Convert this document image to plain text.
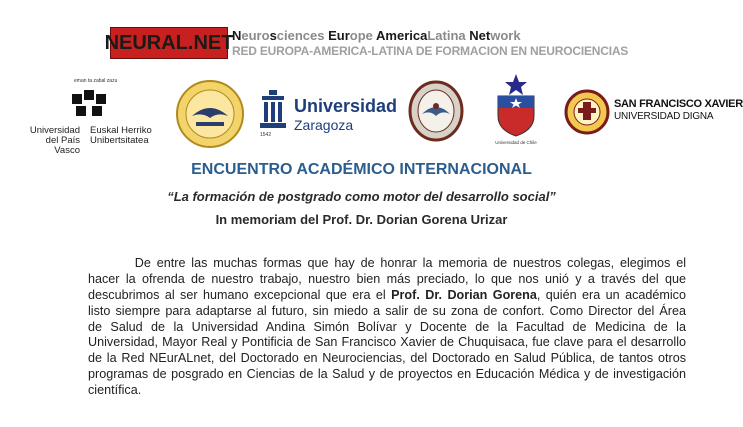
NEURAL.NET
Neurosciences Europe AmericaLatina Network
RED EUROPA-AMERICA-LATINA DE FORMACION EN NEUROCIENCIAS
eman ta zabal zazu
Universidad del País Vasco
Euskal Herriko
Unibertsitatea	1542
Universidad
Zaragoza
Universidad de Chile
SAN FRANCISCO XAVIER
UNIVERSIDAD DIGNA
ENCUENTRO ACADÉMICO INTERNACIONAL
“La formación de postgrado como motor del desarrollo social”
In memoriam del Prof. Dr. Dorian Gorena Urizar
De entre las muchas formas que hay de honrar la memoria de nuestros colegas, elegimos el
hacer la ofrenda de nuestro trabajo, nuestro bien más preciado, lo que nos unió y a través del que
descubrimos al ser humano excepcional que era el Prof. Dr. Dorian Gorena, quién era un académico
listo siempre para adaptarse al futuro, sin miedo a salir de su zona de confort. Como Director del Área
de Salud de la Universidad Andina Simón Bolívar y Docente de la Facultad de Medicina de la
Universidad, Mayor Real y Pontificia de San Francisco Xavier de Chuquisaca, fue clave para el desarrollo
de la Red NEurALnet, del Doctorado en Neurociencias, del Doctorado en Salud Pública, de tantos otros
programas de posgrado en Ciencias de la Salud y de proyectos en Educación Médica y de investigación
científica.
